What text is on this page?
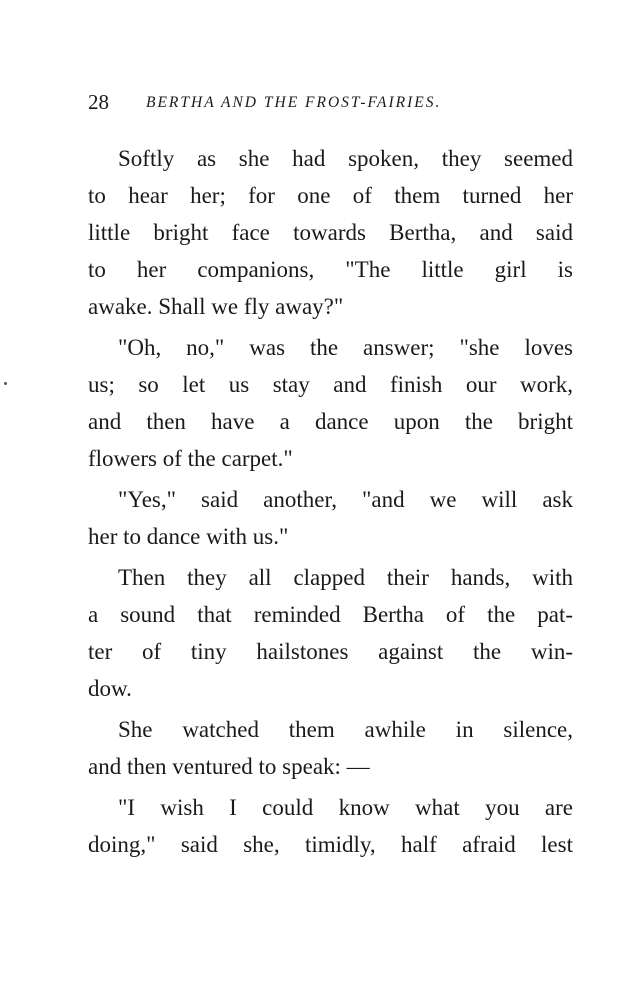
28 BERTHA AND THE FROST-FAIRIES.
Softly as she had spoken, they seemed
to hear her; for one of them turned her
little bright face towards Bertha, and said
to her companions, "The little girl is
awake. Shall we fly away?"
"Oh, no," was the answer; "she loves
us; so let us stay and finish our work,
and then have a dance upon the bright
flowers of the carpet."
"Yes," said another, "and we will ask
her to dance with us."
Then they all clapped their hands, with
a sound that reminded Bertha of the pat-
ter of tiny hailstones against the win-
dow.
She watched them awhile in silence,
and then ventured to speak: —
"I wish I could know what you are
doing," said she, timidly, half afraid lest
